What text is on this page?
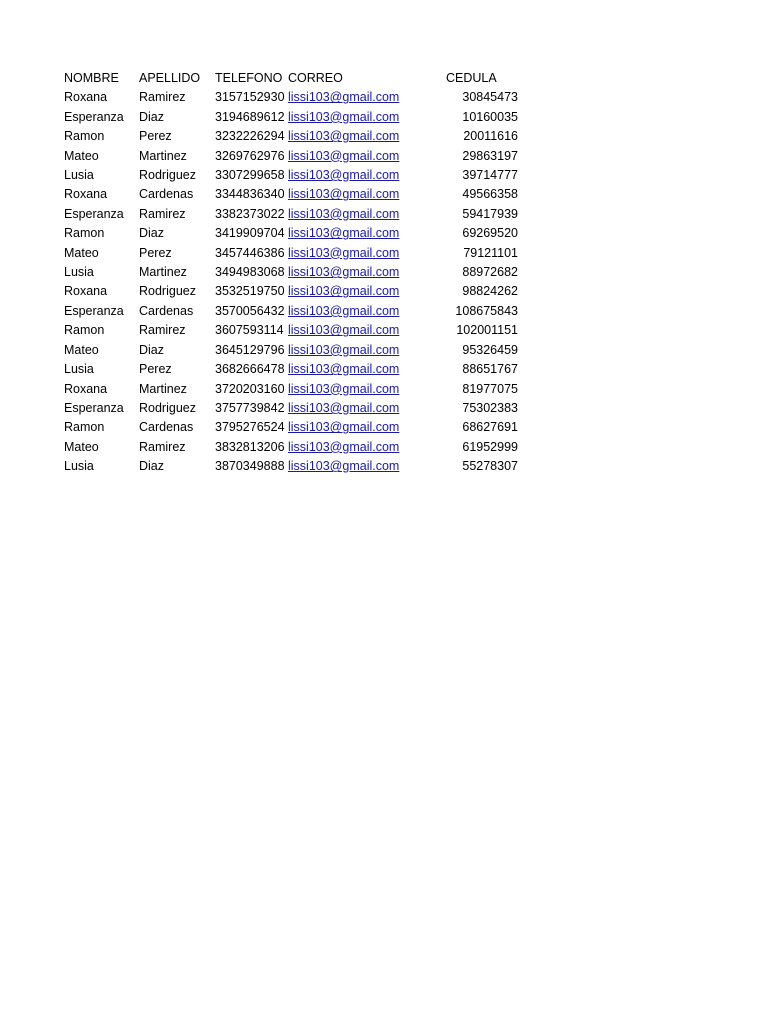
NOMBRE	APELLIDO	TELEFONO	CORREO	CEDULA
Roxana	Ramirez	3157152930	lissi103@gmail.com	30845473
Esperanza	Diaz	3194689612	lissi103@gmail.com	10160035
Ramon	Perez	3232226294	lissi103@gmail.com	20011616
Mateo	Martinez	3269762976	lissi103@gmail.com	29863197
Lusia	Rodriguez	3307299658	lissi103@gmail.com	39714777
Roxana	Cardenas	3344836340	lissi103@gmail.com	49566358
Esperanza	Ramirez	3382373022	lissi103@gmail.com	59417939
Ramon	Diaz	3419909704	lissi103@gmail.com	69269520
Mateo	Perez	3457446386	lissi103@gmail.com	79121101
Lusia	Martinez	3494983068	lissi103@gmail.com	88972682
Roxana	Rodriguez	3532519750	lissi103@gmail.com	98824262
Esperanza	Cardenas	3570056432	lissi103@gmail.com	108675843
Ramon	Ramirez	3607593114	lissi103@gmail.com	102001151
Mateo	Diaz	3645129796	lissi103@gmail.com	95326459
Lusia	Perez	3682666478	lissi103@gmail.com	88651767
Roxana	Martinez	3720203160	lissi103@gmail.com	81977075
Esperanza	Rodriguez	3757739842	lissi103@gmail.com	75302383
Ramon	Cardenas	3795276524	lissi103@gmail.com	68627691
Mateo	Ramirez	3832813206	lissi103@gmail.com	61952999
Lusia	Diaz	3870349888	lissi103@gmail.com	55278307
